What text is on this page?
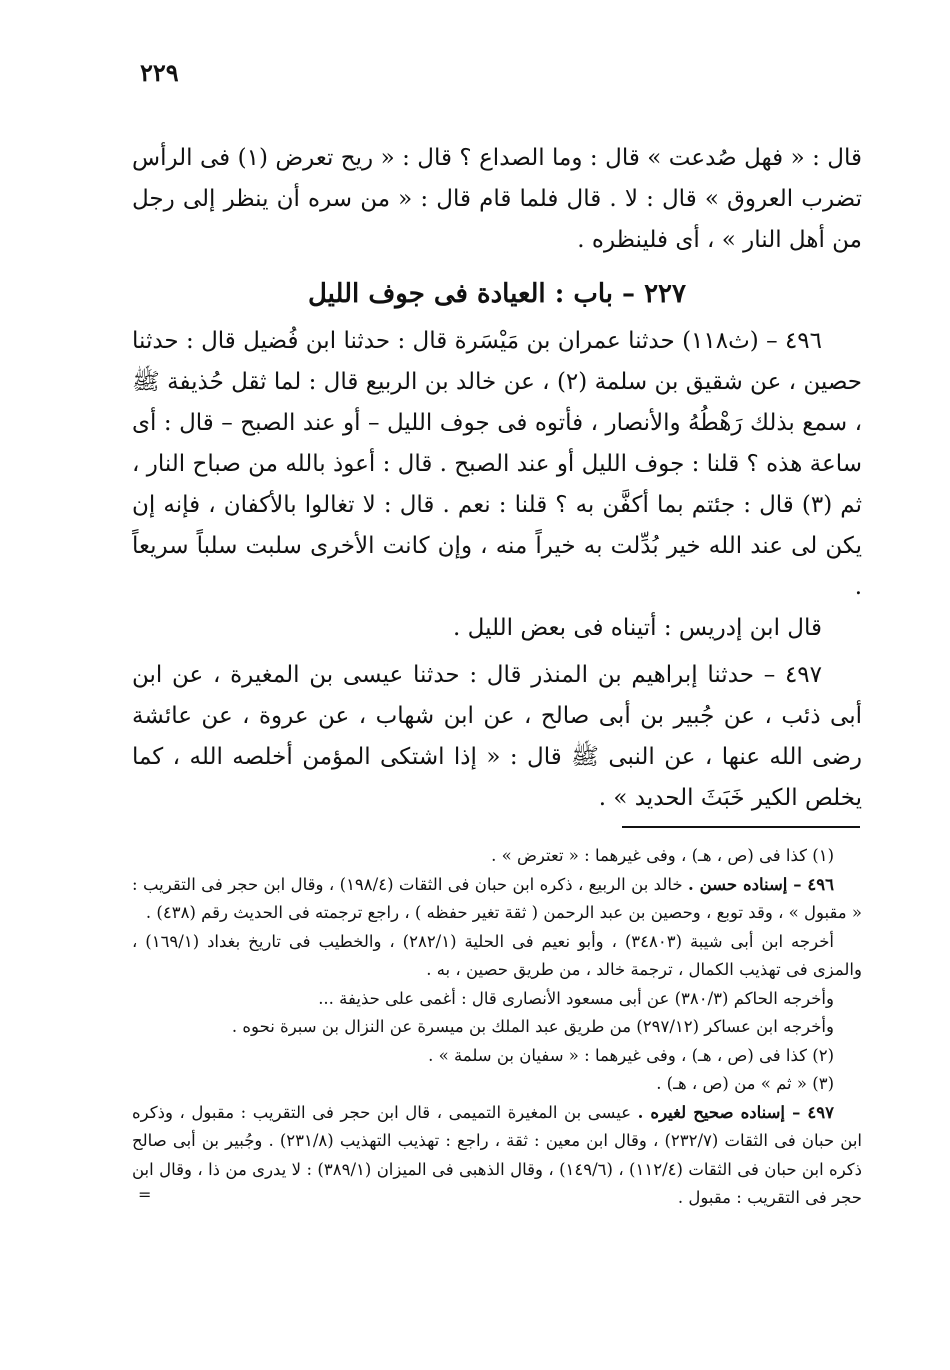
٢٢٩

قال : « فهل صُدعت » قال : وما الصداع ؟ قال : « ريح تعرض (١) فى الرأس تضرب العروق » قال : لا . قال فلما قام قال : « من سره أن ينظر إلى رجل من أهل النار » ، أى فلينظره .

٢٢٧ – باب : العيادة فى جوف الليل

٤٩٦ – (ث١١٨) حدثنا عمران بن مَيْسَرة قال : حدثنا ابن فُضيل قال : حدثنا حصين ، عن شقيق بن سلمة (٢) ، عن خالد بن الربيع قال : لما ثقل حُذيفة ﷺ ، سمع بذلك رَهْطُهُ والأنصار ، فأتوه فى جوف الليل – أو عند الصبح – قال : أى ساعة هذه ؟ قلنا : جوف الليل أو عند الصبح . قال : أعوذ بالله من صباح النار ، ثم (٣) قال : جئتم بما أكفَّن به ؟ قلنا : نعم . قال : لا تغالوا بالأكفان ، فإنه إن يكن لى عند الله خير بُدِّلت به خيراً منه ، وإن كانت الأخرى سلبت سلباً سريعاً .

قال ابن إدريس : أتيناه فى بعض الليل .

٤٩٧ – حدثنا إبراهيم بن المنذر قال : حدثنا عيسى بن المغيرة ، عن ابن أبى ذئب ، عن جُبير بن أبى صالح ، عن ابن شهاب ، عن عروة ، عن عائشة رضى الله عنها ، عن النبى ﷺ قال : « إذا اشتكى المؤمن أخلصه الله ، كما يخلص الكير خَبَثَ الحديد » .

(١) كذا فى (ص ، هـ) ، وفى غيرهما : « تعترض » .

٤٩٦ – إسناده حسن . خالد بن الربيع ، ذكره ابن حبان فى الثقات (١٩٨/٤) ، وقال ابن حجر فى التقريب : « مقبول » ، وقد توبع ، وحصين بن عبد الرحمن ( ثقة تغير حفظه ) ، راجع ترجمته فى الحديث رقم (٤٣٨) .

أخرجه ابن أبى شيبة (٣٤٨٠٣) ، وأبو نعيم فى الحلية (٢٨٢/١) ، والخطيب فى تاريخ بغداد (١٦٩/١) ، والمزى فى تهذيب الكمال ، ترجمة خالد ، من طريق حصين ، به .

وأخرجه الحاكم (٣٨٠/٣) عن أبى مسعود الأنصارى قال : أغمى على حذيفة ...

وأخرجه ابن عساكر (٢٩٧/١٢) من طريق عبد الملك بن ميسرة عن النزال بن سبرة نحوه .

(٢) كذا فى (ص ، هـ) ، وفى غيرهما : « سفيان بن سلمة » .

(٣) « ثم » من (ص ، هـ) .

٤٩٧ – إسناده صحيح لغيره . عيسى بن المغيرة التميمى ، قال ابن حجر فى التقريب : مقبول ، وذكره ابن حبان فى الثقات (٢٣٢/٧) ، وقال ابن معين : ثقة ، راجع : تهذيب التهذيب (٢٣١/٨) . وجُبير بن أبى صالح ذكره ابن حبان فى الثقات (١١٢/٤) ، (١٤٩/٦) ، وقال الذهبى فى الميزان (٣٨٩/١) : لا يدرى من ذا ، وقال ابن حجر فى التقريب : مقبول .

=
